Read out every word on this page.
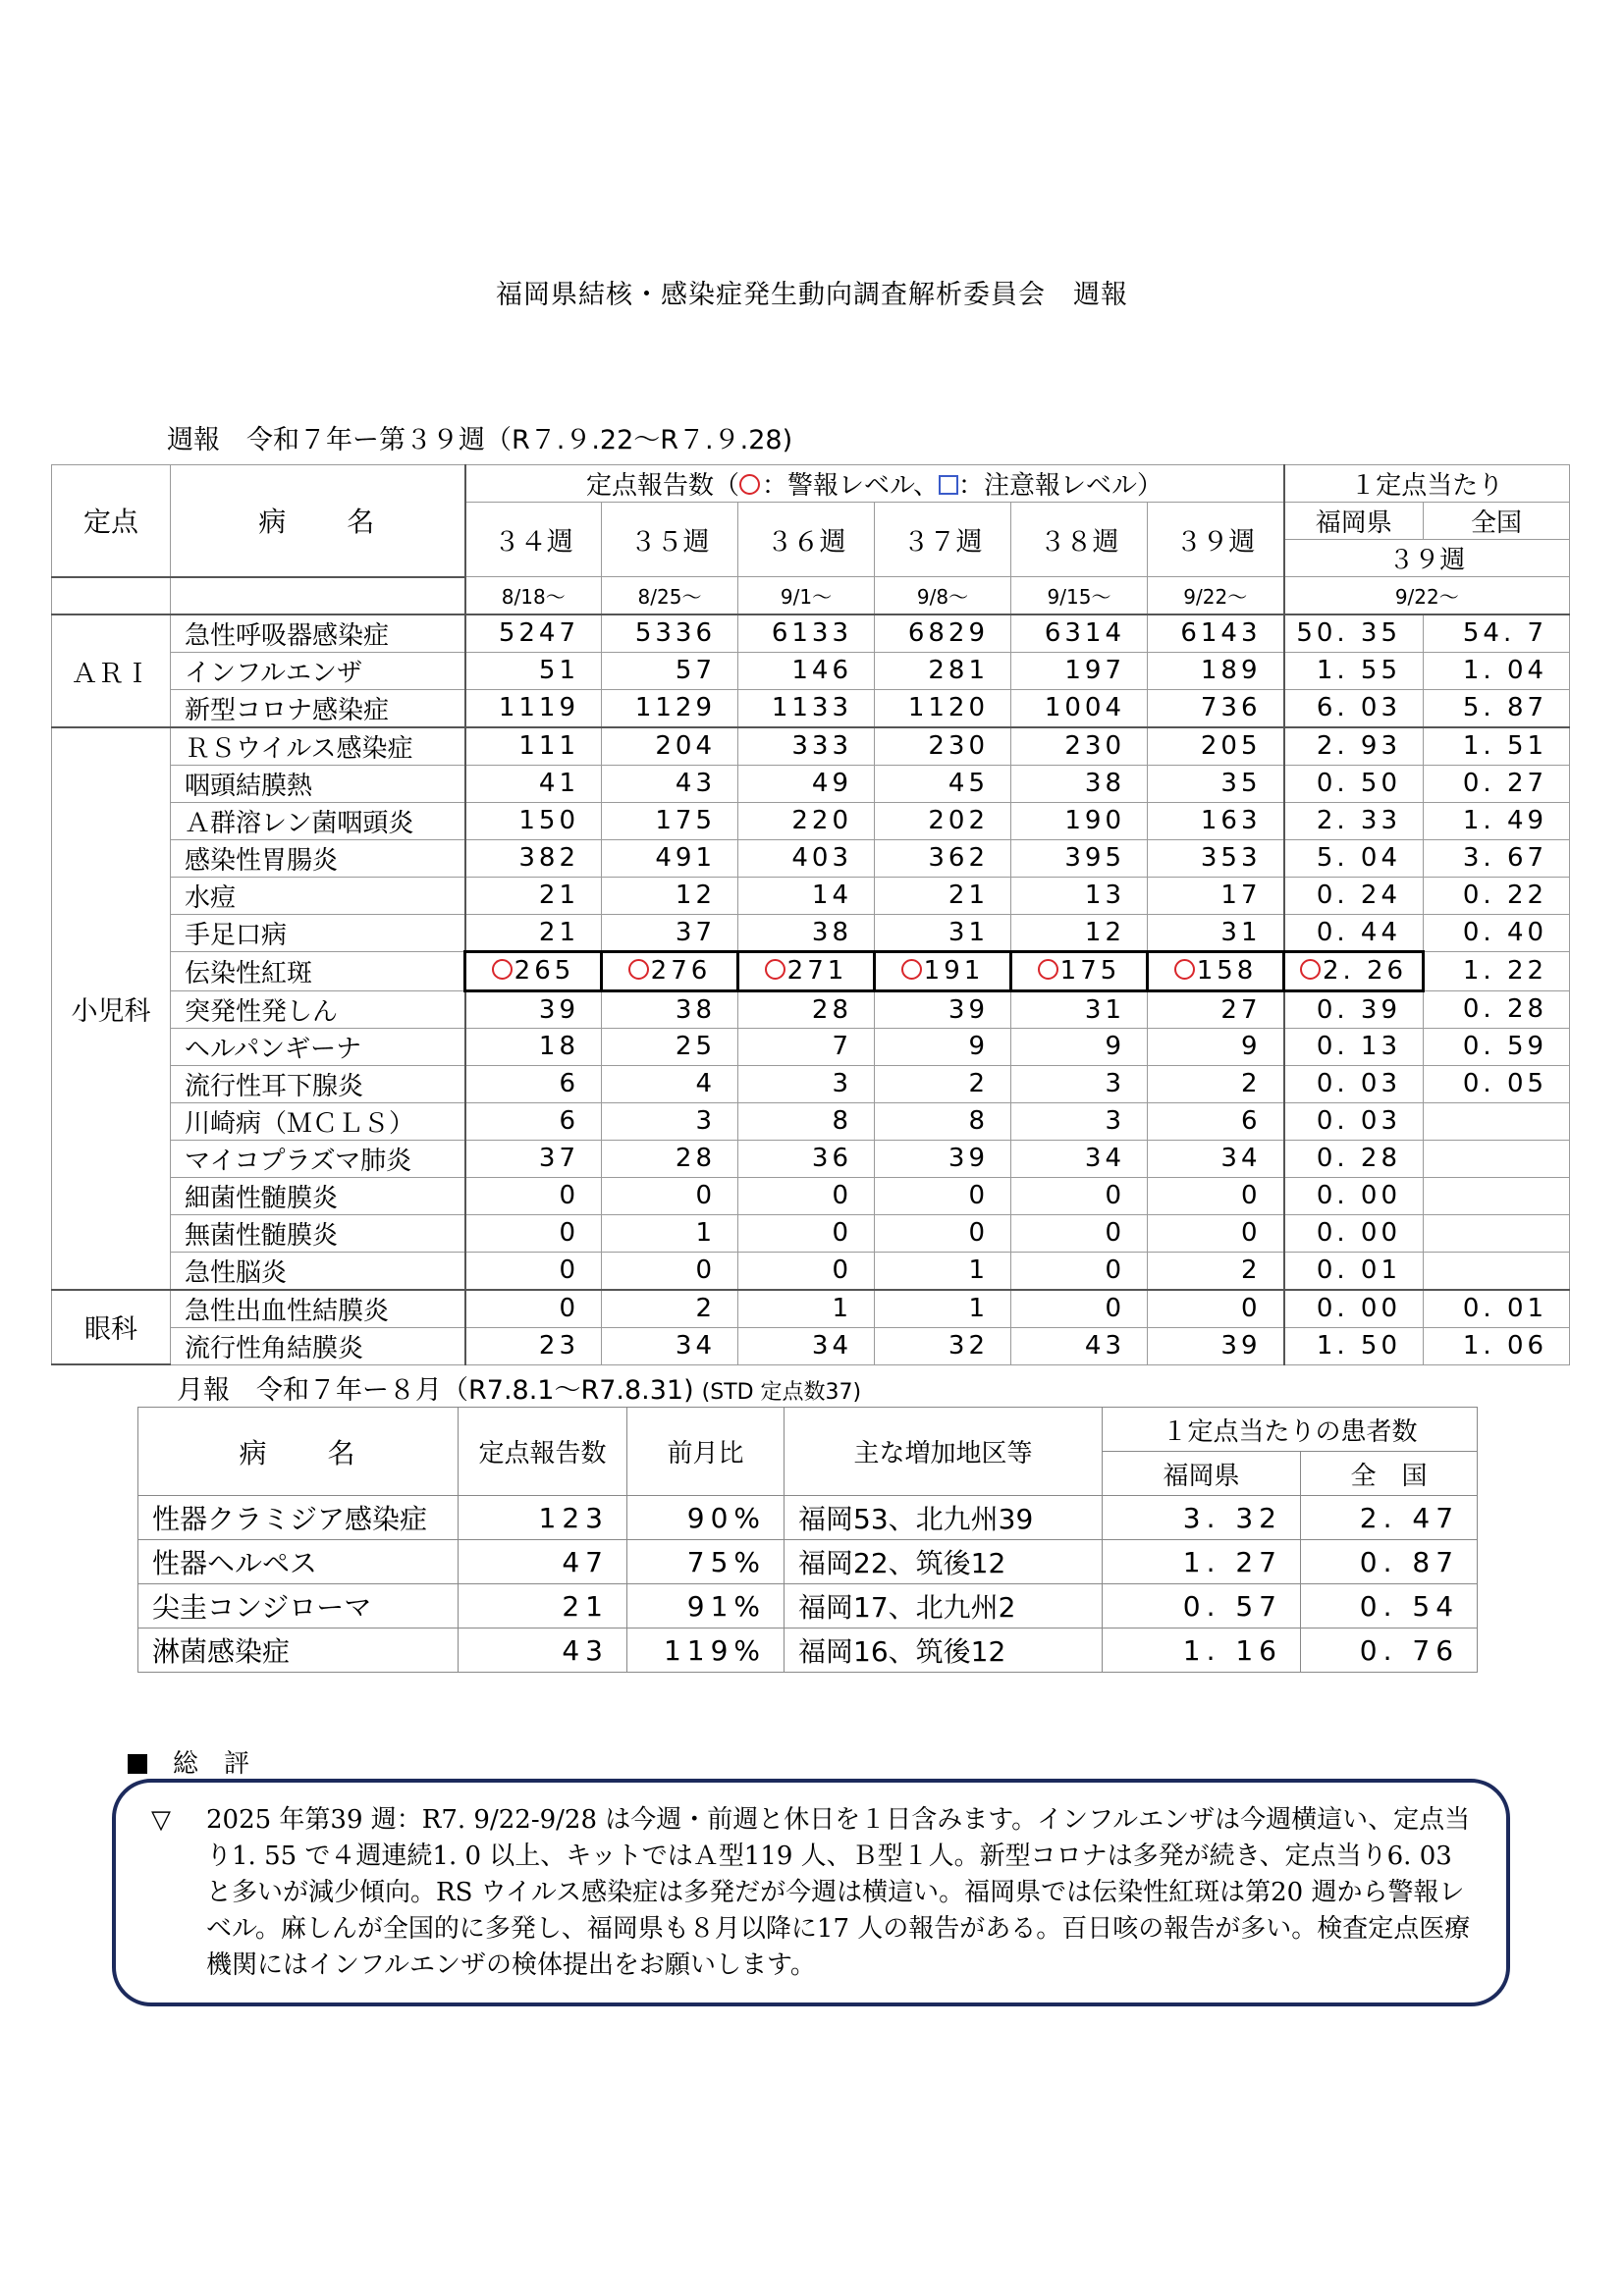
福岡県結核・感染症発生動向調査解析委員会　週報
週報　令和７年ー第３９週（R７.９.22〜R７.９.28)
定点	病　　名	定点報告数（ ：警報レベル、 ：注意報レベル）						１定点当たり	
		３４週	３５週	３６週	３７週	３８週	３９週	福岡県	全国
								３９週	
		8/18〜	8/25〜	9/1〜	9/8〜	9/15〜	9/22〜	9/22〜	
ＡＲＩ	急性呼吸器感染症	5247	5336	6133	6829	6314	6143	50. 35	54. 7
	インフルエンザ	51	57	146	281	197	189	1. 55	1. 04
	新型コロナ感染症	1119	1129	1133	1120	1004	736	6. 03	5. 87
小児科	ＲＳウイルス感染症	111	204	333	230	230	205	2. 93	1. 51
	咽頭結膜熱	41	43	49	45	38	35	0. 50	0. 27
	Ａ群溶レン菌咽頭炎	150	175	220	202	190	163	2. 33	1. 49
	感染性胃腸炎	382	491	403	362	395	353	5. 04	3. 67
	水痘	21	12	14	21	13	17	0. 24	0. 22
	手足口病	21	37	38	31	12	31	0. 44	0. 40
	伝染性紅斑	265	276	271	191	175	158	2. 26	1. 22
	突発性発しん	39	38	28	39	31	27	0. 39	0. 28
	ヘルパンギーナ	18	25	7	9	9	9	0. 13	0. 59
	流行性耳下腺炎	6	4	3	2	3	2	0. 03	0. 05
	川崎病（ＭＣＬＳ）	6	3	8	8	3	6	0. 03	
	マイコプラズマ肺炎	37	28	36	39	34	34	0. 28	
	細菌性髄膜炎	0	0	0	0	0	0	0. 00	
	無菌性髄膜炎	0	1	0	0	0	0	0. 00	
	急性脳炎	0	0	0	1	0	2	0. 01	
眼科	急性出血性結膜炎	0	2	1	1	0	0	0. 00	0. 01
	流行性角結膜炎	23	34	34	32	43	39	1. 50	1. 06
月報　令和７年ー８月（R7.8.1〜R7.8.31) (STD 定点数37)
病　　名	定点報告数	前月比	主な増加地区等	１定点当たりの患者数	
				福岡県	全　国
性器クラミジア感染症	123	90%	福岡53、北九州39	3. 32	2. 47
性器ヘルペス	47	75%	福岡22、筑後12	1. 27	0. 87
尖圭コンジローマ	21	91%	福岡17、北九州2	0. 57	0. 54
淋菌感染症	43	119%	福岡16、筑後12	1. 16	0. 76
総　評
▽ 2025 年第39 週：R7. 9/22-9/28 は今週・前週と休日を１日含みます。インフルエンザは今週横這い、定点当り1. 55 で４週連続1. 0 以上、キットではＡ型119 人、Ｂ型１人。新型コロナは多発が続き、定点当り6. 03と多いが減少傾向。RS ウイルス感染症は多発だが今週は横這い。福岡県では伝染性紅斑は第20 週から警報レベル。麻しんが全国的に多発し、福岡県も８月以降に17 人の報告がある。百日咳の報告が多い。検査定点医療機関にはインフルエンザの検体提出をお願いします。
